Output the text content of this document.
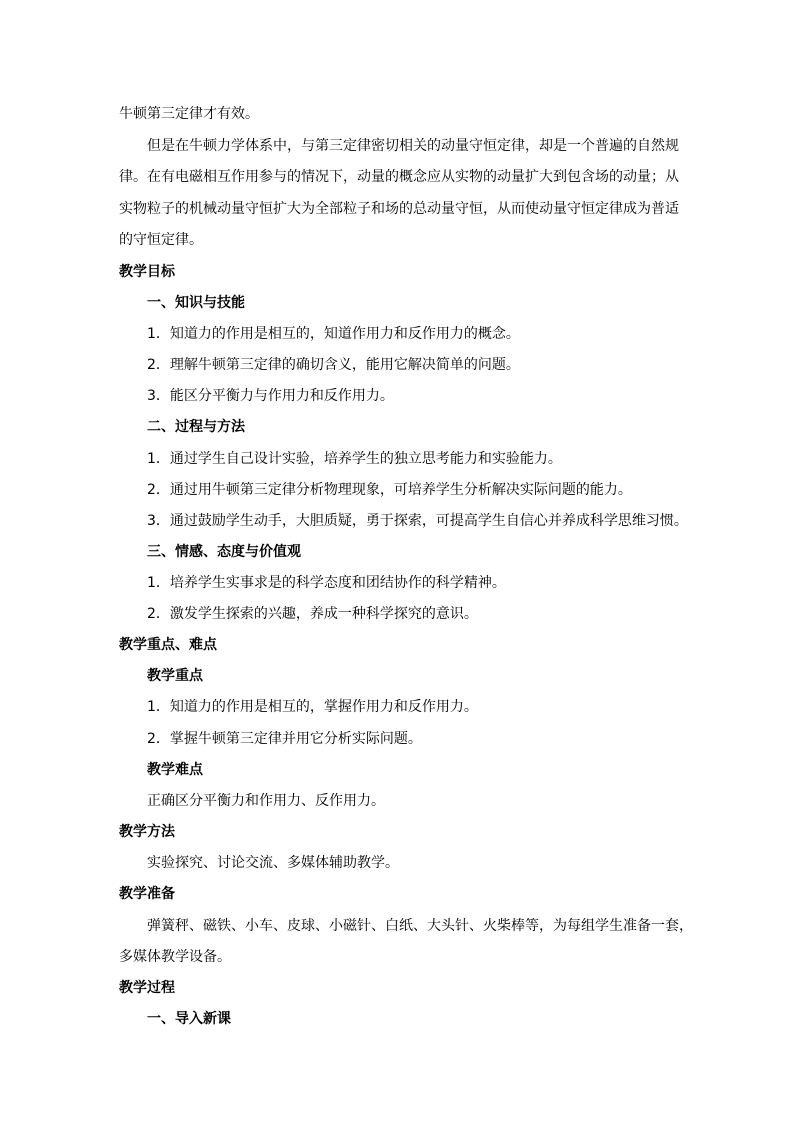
牛顿第三定律才有效。

但是在牛顿力学体系中，与第三定律密切相关的动量守恒定律，却是一个普遍的自然规

律。在有电磁相互作用参与的情况下，动量的概念应从实物的动量扩大到包含场的动量；从

实物粒子的机械动量守恒扩大为全部粒子和场的总动量守恒，从而使动量守恒定律成为普适

的守恒定律。

教学目标

一、知识与技能

1．知道力的作用是相互的，知道作用力和反作用力的概念。

2．理解牛顿第三定律的确切含义，能用它解决简单的问题。

3．能区分平衡力与作用力和反作用力。

二、过程与方法

1．通过学生自己设计实验，培养学生的独立思考能力和实验能力。

2．通过用牛顿第三定律分析物理现象，可培养学生分析解决实际问题的能力。

3．通过鼓励学生动手，大胆质疑，勇于探索，可提高学生自信心并养成科学思维习惯。

三、情感、态度与价值观

1．培养学生实事求是的科学态度和团结协作的科学精神。

2．激发学生探索的兴趣，养成一种科学探究的意识。

教学重点、难点

教学重点

1．知道力的作用是相互的，掌握作用力和反作用力。

2．掌握牛顿第三定律并用它分析实际问题。

教学难点

正确区分平衡力和作用力、反作用力。

教学方法

实验探究、讨论交流、多媒体辅助教学。

教学准备

弹簧秤、磁铁、小车、皮球、小磁针、白纸、大头针、火柴棒等，为每组学生准备一套，

多媒体教学设备。

教学过程

一、导入新课
